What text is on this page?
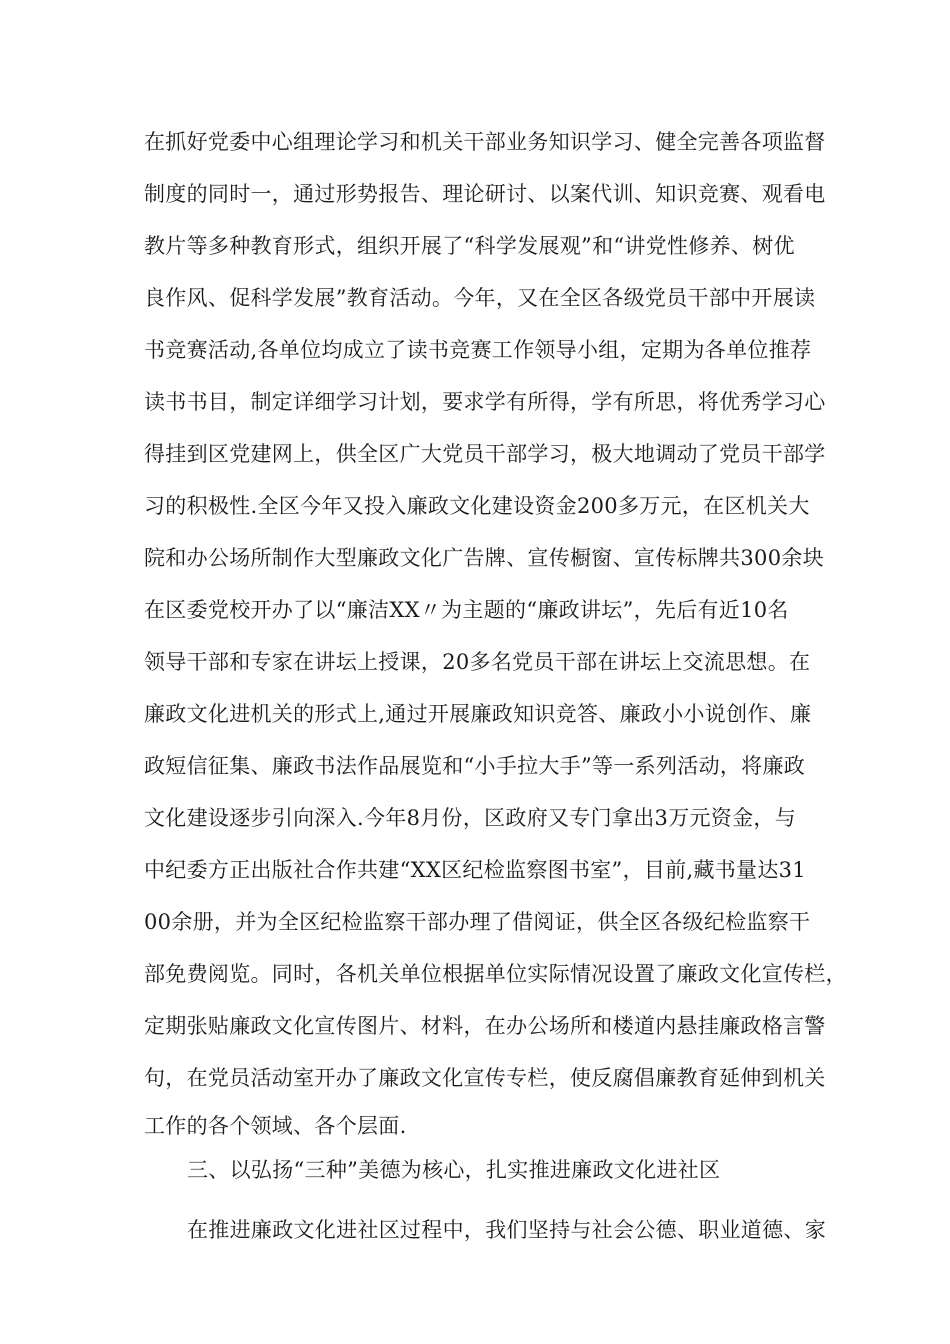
在抓好党委中心组理论学习和机关干部业务知识学习、健全完善各项监督
制度的同时一，通过形势报告、理论研讨、以案代训、知识竞赛、观看电
教片等多种教育形式，组织开展了“科学发展观”和“讲党性修养、树优
良作风、促科学发展”教育活动。今年，又在全区各级党员干部中开展读
书竞赛活动,各单位均成立了读书竞赛工作领导小组，定期为各单位推荐
读书书目，制定详细学习计划，要求学有所得，学有所思，将优秀学习心
得挂到区党建网上，供全区广大党员干部学习，极大地调动了党员干部学
习的积极性.全区今年又投入廉政文化建设资金200多万元，在区机关大
院和办公场所制作大型廉政文化广告牌、宣传橱窗、宣传标牌共300余块
在区委党校开办了以“廉洁XX〃为主题的“廉政讲坛”，先后有近10名
领导干部和专家在讲坛上授课，20多名党员干部在讲坛上交流思想。在
廉政文化进机关的形式上,通过开展廉政知识竞答、廉政小小说创作、廉
政短信征集、廉政书法作品展览和“小手拉大手”等一系列活动，将廉政
文化建设逐步引向深入.今年8月份，区政府又专门拿出3万元资金，与
中纪委方正出版社合作共建“XX区纪检监察图书室”，目前,藏书量达31
00余册，并为全区纪检监察干部办理了借阅证，供全区各级纪检监察干
部免费阅览。同时，各机关单位根据单位实际情况设置了廉政文化宣传栏，
定期张贴廉政文化宣传图片、材料，在办公场所和楼道内悬挂廉政格言警
句，在党员活动室开办了廉政文化宣传专栏，使反腐倡廉教育延伸到机关
工作的各个领域、各个层面.
三、以弘扬“三种”美德为核心，扎实推进廉政文化进社区
在推进廉政文化进社区过程中，我们坚持与社会公德、职业道德、家
